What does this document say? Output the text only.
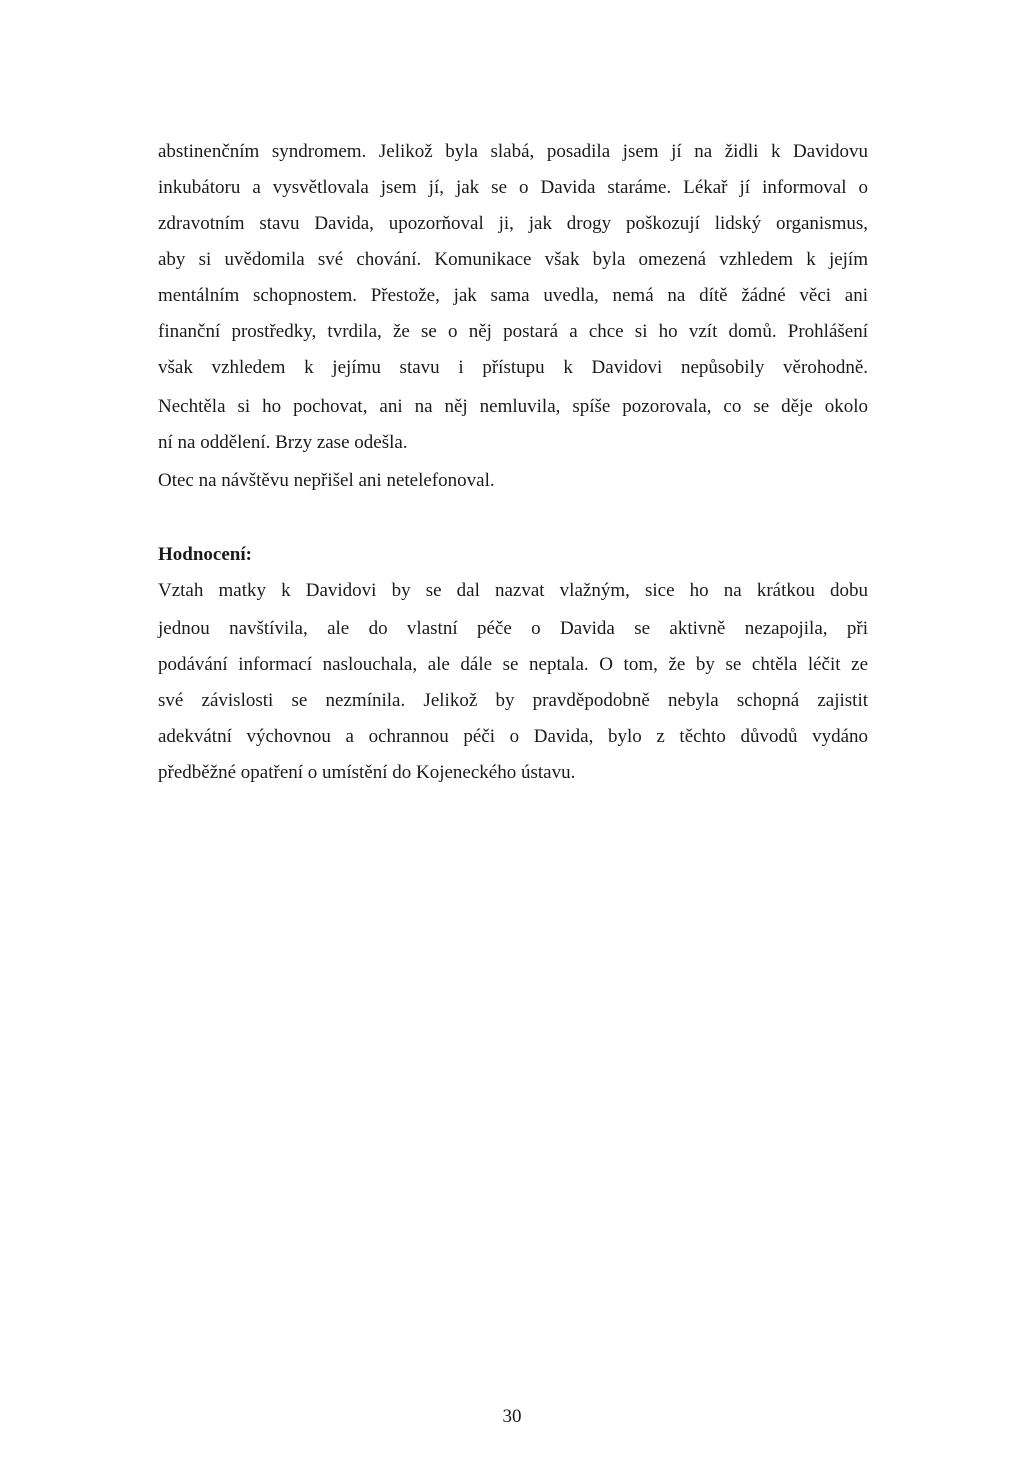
abstinenčním syndromem. Jelikož byla slabá, posadila jsem jí na židli k Davidovu
inkubátoru a vysvětlovala jsem jí, jak se o Davida staráme. Lékař jí informoval o
zdravotním stavu Davida, upozorňoval ji, jak drogy poškozují lidský organismus,
aby si uvědomila své chování. Komunikace však byla omezená vzhledem k jejím
mentálním schopnostem. Přestože, jak sama uvedla, nemá na dítě žádné věci ani
finanční prostředky, tvrdila, že se o něj postará a chce si ho vzít domů. Prohlášení
však vzhledem k jejímu stavu i přístupu k Davidovi nepůsobily věrohodně.
Nechtěla si ho pochovat, ani na něj nemluvila, spíše pozorovala, co se děje okolo
ní na oddělení. Brzy zase odešla.
Otec na návštěvu nepřišel ani netelefonoval.
Hodnocení:
Vztah matky k Davidovi by se dal nazvat vlažným, sice ho na krátkou dobu
jednou navštívila, ale do vlastní péče o Davida se aktivně nezapojila, při
podávání informací naslouchala, ale dále se neptala. O tom, že by se chtěla léčit ze
své závislosti se nezmínila. Jelikož by pravděpodobně nebyla schopná zajistit
adekvátní výchovnou a ochrannou péči o Davida, bylo z těchto důvodů vydáno
předběžné opatření o umístění do Kojeneckého ústavu.
30
